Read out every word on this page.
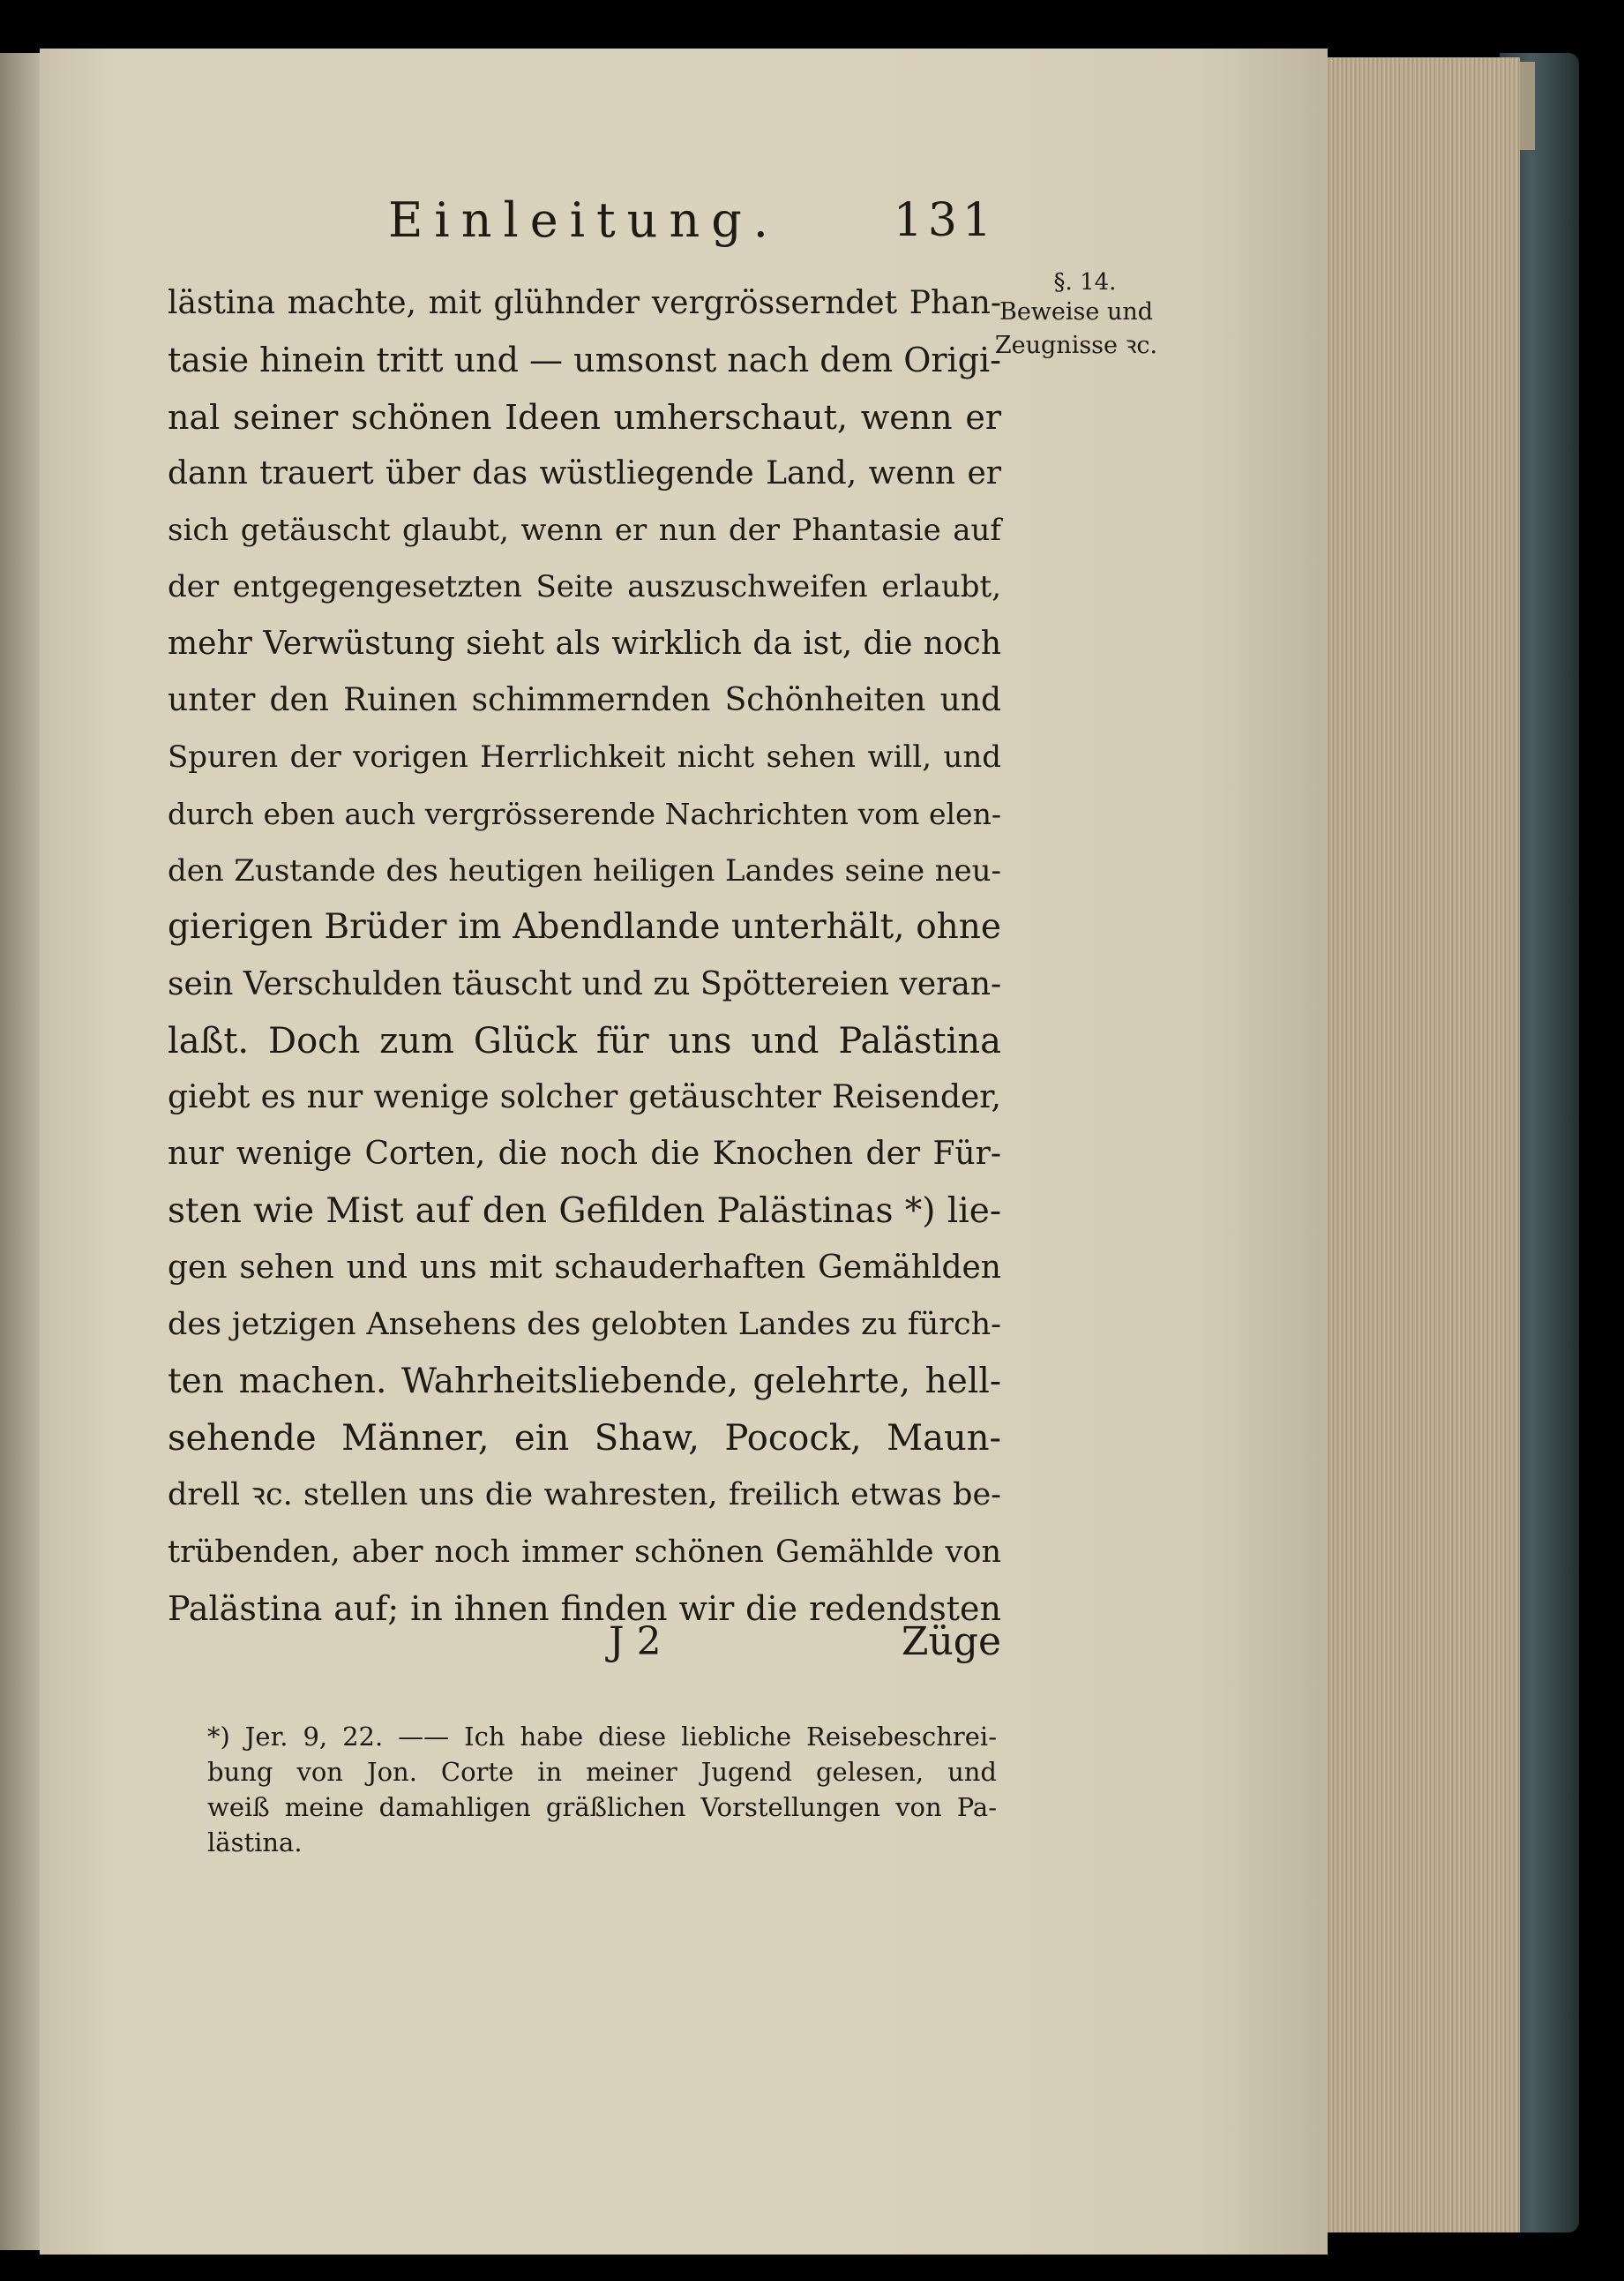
Einleitung. 131
§. 14.
Beweise und
Zeugnisse ꝛc.
lästina machte, mit glühnder vergrösserndet Phan-
tasie hinein tritt und — umsonst nach dem Origi-
nal seiner schönen Ideen umherschaut, wenn er
dann trauert über das wüstliegende Land, wenn er
sich getäuscht glaubt, wenn er nun der Phantasie auf
der entgegengesetzten Seite auszuschweifen erlaubt,
mehr Verwüstung sieht als wirklich da ist, die noch
unter den Ruinen schimmernden Schönheiten und
Spuren der vorigen Herrlichkeit nicht sehen will, und
durch eben auch vergrösserende Nachrichten vom elen-
den Zustande des heutigen heiligen Landes seine neu-
gierigen Brüder im Abendlande unterhält, ohne
sein Verschulden täuscht und zu Spöttereien veran-
laßt. Doch zum Glück für uns und Palästina
giebt es nur wenige solcher getäuschter Reisender,
nur wenige Corten, die noch die Knochen der Für-
sten wie Mist auf den Gefilden Palästinas *) lie-
gen sehen und uns mit schauderhaften Gemählden
des jetzigen Ansehens des gelobten Landes zu fürch-
ten machen. Wahrheitsliebende, gelehrte, hell-
sehende Männer, ein Shaw, Pocock, Maun-
drell ꝛc. stellen uns die wahresten, freilich etwas be-
trübenden, aber noch immer schönen Gemählde von
Palästina auf; in ihnen finden wir die redendsten
J 2	Züge
*) Jer. 9, 22. —— Ich habe diese liebliche Reisebeschrei-
bung von Jon. Corte in meiner Jugend gelesen, und
weiß meine damahligen gräßlichen Vorstellungen von Pa-
lästina.
